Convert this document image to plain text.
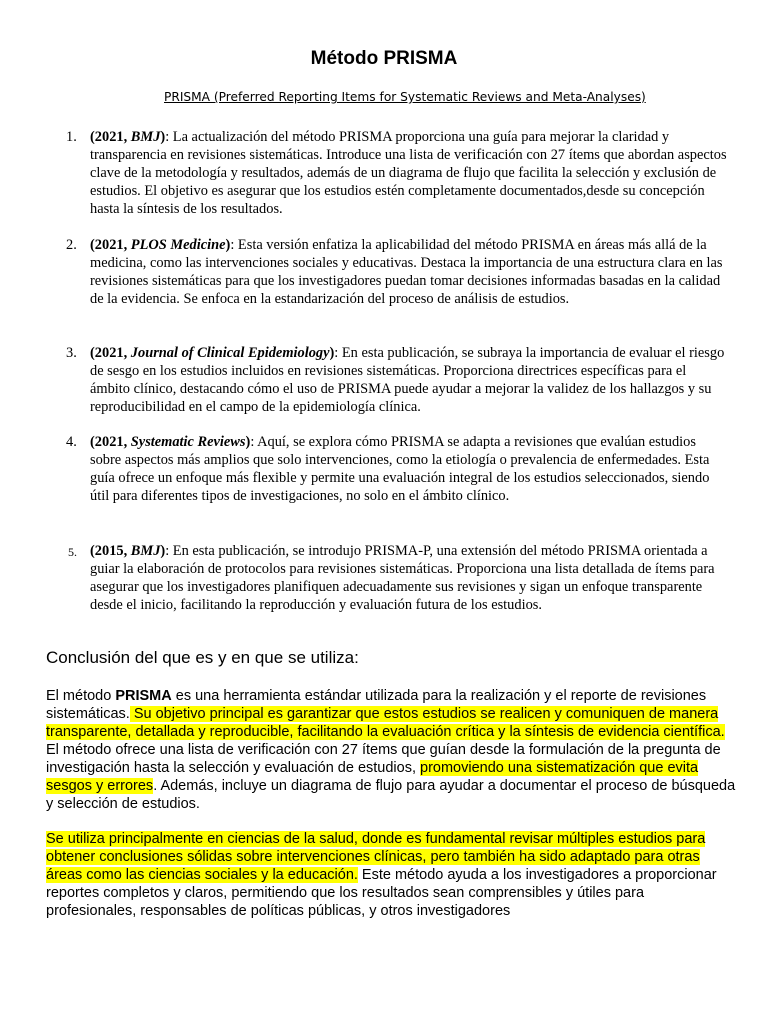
Método PRISMA
PRISMA (Preferred Reporting Items for Systematic Reviews and Meta-Analyses)
1. (2021, BMJ): La actualización del método PRISMA proporciona una guía para mejorar la claridad y transparencia en revisiones sistemáticas. Introduce una lista de verificación con 27 ítems que abordan aspectos clave de la metodología y resultados, además de un diagrama de flujo que facilita la selección y exclusión de estudios. El objetivo es asegurar que los estudios estén completamente documentados,desde su concepción hasta la síntesis de los resultados.
2. (2021, PLOS Medicine): Esta versión enfatiza la aplicabilidad del método PRISMA en áreas más allá de la medicina, como las intervenciones sociales y educativas. Destaca la importancia de una estructura clara en las revisiones sistemáticas para que los investigadores puedan tomar decisiones informadas basadas en la calidad de la evidencia. Se enfoca en la estandarización del proceso de análisis de estudios.
3. (2021, Journal of Clinical Epidemiology): En esta publicación, se subraya la importancia de evaluar el riesgo de sesgo en los estudios incluidos en revisiones sistemáticas. Proporciona directrices específicas para el ámbito clínico, destacando cómo el uso de PRISMA puede ayudar a mejorar la validez de los hallazgos y su reproducibilidad en el campo de la epidemiología clínica.
4. (2021, Systematic Reviews): Aquí, se explora cómo PRISMA se adapta a revisiones que evalúan estudios sobre aspectos más amplios que solo intervenciones, como la etiología o prevalencia de enfermedades. Esta guía ofrece un enfoque más flexible y permite una evaluación integral de los estudios seleccionados, siendo útil para diferentes tipos de investigaciones, no solo en el ámbito clínico.
5. (2015, BMJ): En esta publicación, se introdujo PRISMA-P, una extensión del método PRISMA orientada a guiar la elaboración de protocolos para revisiones sistemáticas. Proporciona una lista detallada de ítems para asegurar que los investigadores planifiquen adecuadamente sus revisiones y sigan un enfoque transparente desde el inicio, facilitando la reproducción y evaluación futura de los estudios.
Conclusión del que es y en que se utiliza:
El método PRISMA es una herramienta estándar utilizada para la realización y el reporte de revisiones sistemáticas. Su objetivo principal es garantizar que estos estudios se realicen y comuniquen de manera transparente, detallada y reproducible, facilitando la evaluación crítica y la síntesis de evidencia científica. El método ofrece una lista de verificación con 27 ítems que guían desde la formulación de la pregunta de investigación hasta la selección y evaluación de estudios, promoviendo una sistematización que evita sesgos y errores. Además, incluye un diagrama de flujo para ayudar a documentar el proceso de búsqueda y selección de estudios.
Se utiliza principalmente en ciencias de la salud, donde es fundamental revisar múltiples estudios para obtener conclusiones sólidas sobre intervenciones clínicas, pero también ha sido adaptado para otras áreas como las ciencias sociales y la educación. Este método ayuda a los investigadores a proporcionar reportes completos y claros, permitiendo que los resultados sean comprensibles y útiles para profesionales, responsables de políticas públicas, y otros investigadores
